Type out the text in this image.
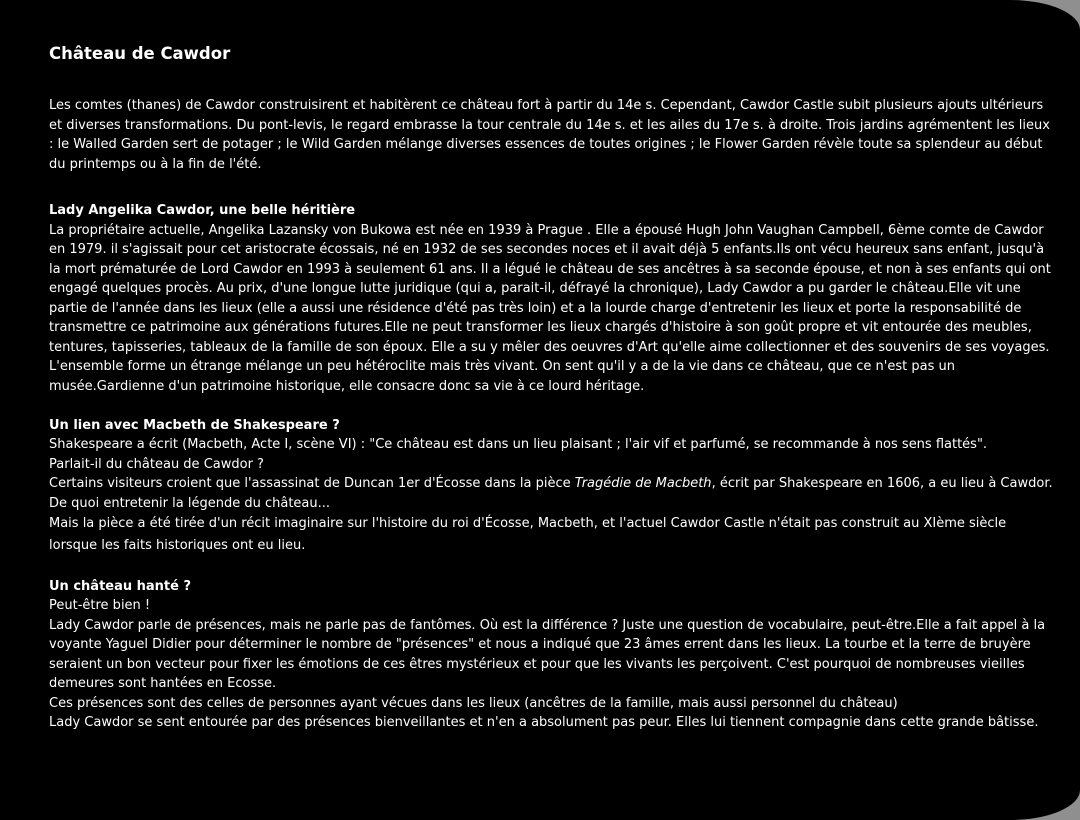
Château de Cawdor

Les comtes (thanes) de Cawdor construisirent et habitèrent ce château fort à partir du 14e s. Cependant, Cawdor Castle subit plusieurs ajouts ultérieurs et diverses transformations. Du pont-levis, le regard embrasse la tour centrale du 14e s. et les ailes du 17e s. à droite. Trois jardins agrémentent les lieux : le Walled Garden sert de potager ; le Wild Garden mélange diverses essences de toutes origines ; le Flower Garden révèle toute sa splendeur au début du printemps ou à la fin de l'été.

Lady Angelika Cawdor, une belle héritière
La propriétaire actuelle, Angelika Lazansky von Bukowa est née en 1939 à Prague . Elle a épousé Hugh John Vaughan Campbell, 6ème comte de Cawdor en 1979. il s'agissait pour cet aristocrate écossais, né en 1932 de ses secondes noces et il avait déjà 5 enfants.Ils ont vécu heureux sans enfant, jusqu'à la mort prématurée de Lord Cawdor en 1993 à seulement 61 ans. Il a légué le château de ses ancêtres à sa seconde épouse, et non à ses enfants qui ont engagé quelques procès. Au prix, d'une longue lutte juridique (qui a, parait-il, défrayé la chronique), Lady Cawdor a pu garder le château.Elle vit une partie de l'année dans les lieux (elle a aussi une résidence d'été pas très loin) et a la lourde charge d'entretenir les lieux et porte la responsabilité de transmettre ce patrimoine aux générations futures.Elle ne peut transformer les lieux chargés d'histoire à son goût propre et vit entourée des meubles, tentures, tapisseries, tableaux de la famille de son époux. Elle a su y mêler des oeuvres d'Art qu'elle aime collectionner et des souvenirs de ses voyages. L'ensemble forme un étrange mélange un peu hétéroclite mais très vivant. On sent qu'il y a de la vie dans ce château, que ce n'est pas un musée.Gardienne d'un patrimoine historique, elle consacre donc sa vie à ce lourd héritage.
Un lien avec Macbeth de Shakespeare ?
Shakespeare a écrit (Macbeth, Acte I, scène VI) : "Ce château est dans un lieu plaisant ; l'air vif et parfumé, se recommande à nos sens flattés".
Parlait-il du château de Cawdor ?
Certains visiteurs croient que l'assassinat de Duncan 1er d'Écosse dans la pièce Tragédie de Macbeth, écrit par Shakespeare en 1606, a eu lieu à Cawdor.
De quoi entretenir la légende du château...
Mais la pièce a été tirée d'un récit imaginaire sur l'histoire du roi d'Écosse, Macbeth, et l'actuel Cawdor Castle n'était pas construit au XIème siècle lorsque les faits historiques ont eu lieu.
Un château hanté ?
Peut-être bien !
Lady Cawdor parle de présences, mais ne parle pas de fantômes. Où est la différence ? Juste une question de vocabulaire, peut-être.Elle a fait appel à la voyante Yaguel Didier pour déterminer le nombre de "présences" et nous a indiqué que 23 âmes errent dans les lieux. La tourbe et la terre de bruyère seraient un bon vecteur pour fixer les émotions de ces êtres mystérieux et pour que les vivants les perçoivent. C'est pourquoi de nombreuses vieilles demeures sont hantées en Ecosse.
Ces présences sont des celles de personnes ayant vécues dans les lieux (ancêtres de la famille, mais aussi personnel du château)
Lady Cawdor se sent entourée par des présences bienveillantes et n'en a absolument pas peur. Elles lui tiennent compagnie dans cette grande bâtisse.
